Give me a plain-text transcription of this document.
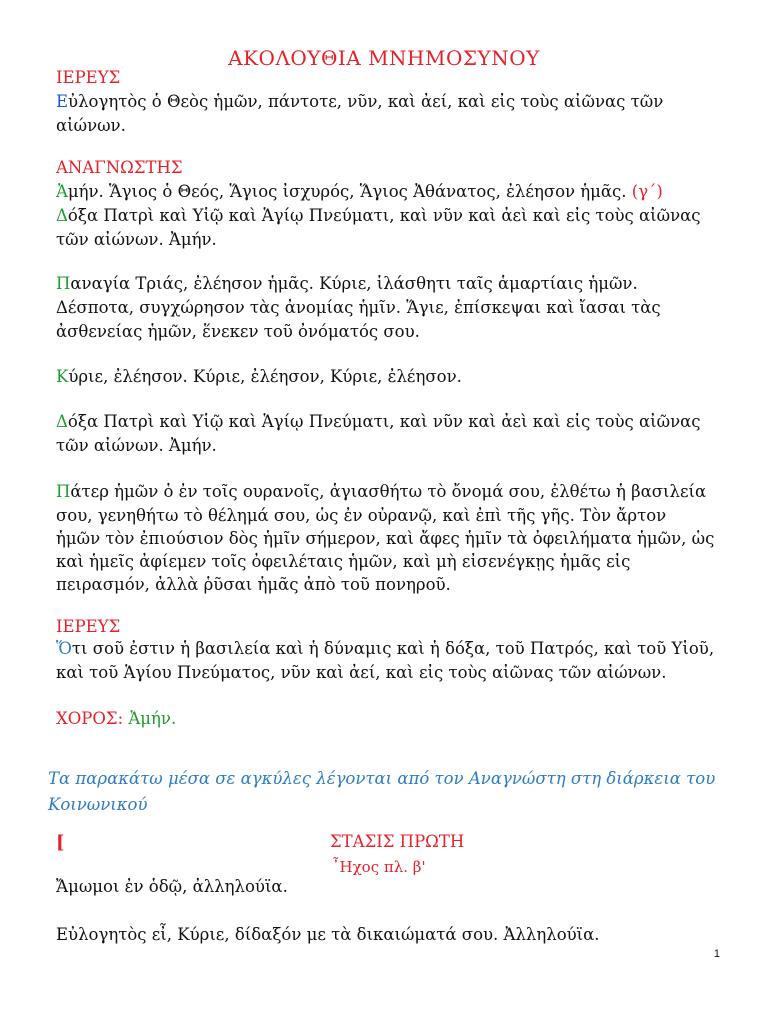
ΑΚΟΛΟΥΘΙΑ ΜΝΗΜΟΣΥΝΟΥ
ΙΕΡΕΥΣ
Εὐλογητὸς ὁ Θεὸς ἡμῶν, πάντοτε, νῦν, καὶ ἀεί, καὶ εἰς τοὺς αἰῶνας τῶν
αἰώνων.
ΑΝΑΓΝΩΣΤΗΣ
Ἀμήν. Ἅγιος ὁ Θεός, Ἅγιος ἰσχυρός, Ἅγιος Ἀθάνατος, ἐλέησον ἡμᾶς. (γ΄)
Δόξα Πατρὶ καὶ Υἱῷ καὶ Ἁγίῳ Πνεύματι, καὶ νῦν καὶ ἀεὶ καὶ εἰς τοὺς αἰῶνας
τῶν αἰώνων. Ἀμήν.
Παναγία Τριάς, ἐλέησον ἡμᾶς. Κύριε, ἱλάσθητι ταῖς ἁμαρτίαις ἡμῶν.
Δέσποτα, συγχώρησον τὰς ἀνομίας ἡμῖν. Ἅγιε, ἐπίσκεψαι καὶ ἴασαι τὰς
ἀσθενείας ἡμῶν, ἕνεκεν τοῦ ὀνόματός σου.
Κύριε, ἐλέησον. Κύριε, ἐλέησον, Κύριε, ἐλέησον.
Δόξα Πατρὶ καὶ Υἱῷ καὶ Ἁγίῳ Πνεύματι, καὶ νῦν καὶ ἀεὶ καὶ εἰς τοὺς αἰῶνας
τῶν αἰώνων. Ἀμήν.
Πάτερ ἡμῶν ὁ ἐν τοῖς ουρανοῖς, ἁγιασθήτω τὸ ὄνομά σου, ἐλθέτω ἡ βασιλεία
σου, γενηθήτω τὸ θέλημά σου, ὡς ἐν οὐρανῷ, καὶ ἐπὶ τῆς γῆς. Τὸν ἄρτον
ἡμῶν τὸν ἐπιούσιον δὸς ἡμῖν σήμερον, καὶ ἄφες ἡμῖν τὰ ὀφειλήματα ἡμῶν, ὡς
καὶ ἡμεῖς ἀφίεμεν τοῖς ὀφειλέταις ἡμῶν, καὶ μὴ εἰσενέγκῃς ἡμᾶς εἰς
πειρασμόν, ἀλλὰ ῥῦσαι ἡμᾶς ἀπὸ τοῦ πονηροῦ.
ΙΕΡΕΥΣ
Ὅτι σοῦ ἐστιν ἡ βασιλεία καὶ ἡ δύναμις καὶ ἡ δόξα, τοῦ Πατρός, καὶ τοῦ Υἱοῦ,
καὶ τοῦ Ἁγίου Πνεύματος, νῦν καὶ ἀεί, καὶ εἰς τοὺς αἰῶνας τῶν αἰώνων.
ΧΟΡΟΣ: Ἀμήν.
Τα παρακάτω μέσα σε αγκύλες λέγονται από τον Αναγνώστη στη διάρκεια του
Κοινωνικού
[	ΣΤΑΣΙΣ ΠΡΩΤΗ
῏Ηχος πλ. β'
Ἄμωμοι ἐν ὁδῷ, ἀλληλούϊα.
Εὐλογητὸς εἶ, Κύριε, δίδαξόν με τὰ δικαιώματά σου. Ἀλληλούϊα.
1
